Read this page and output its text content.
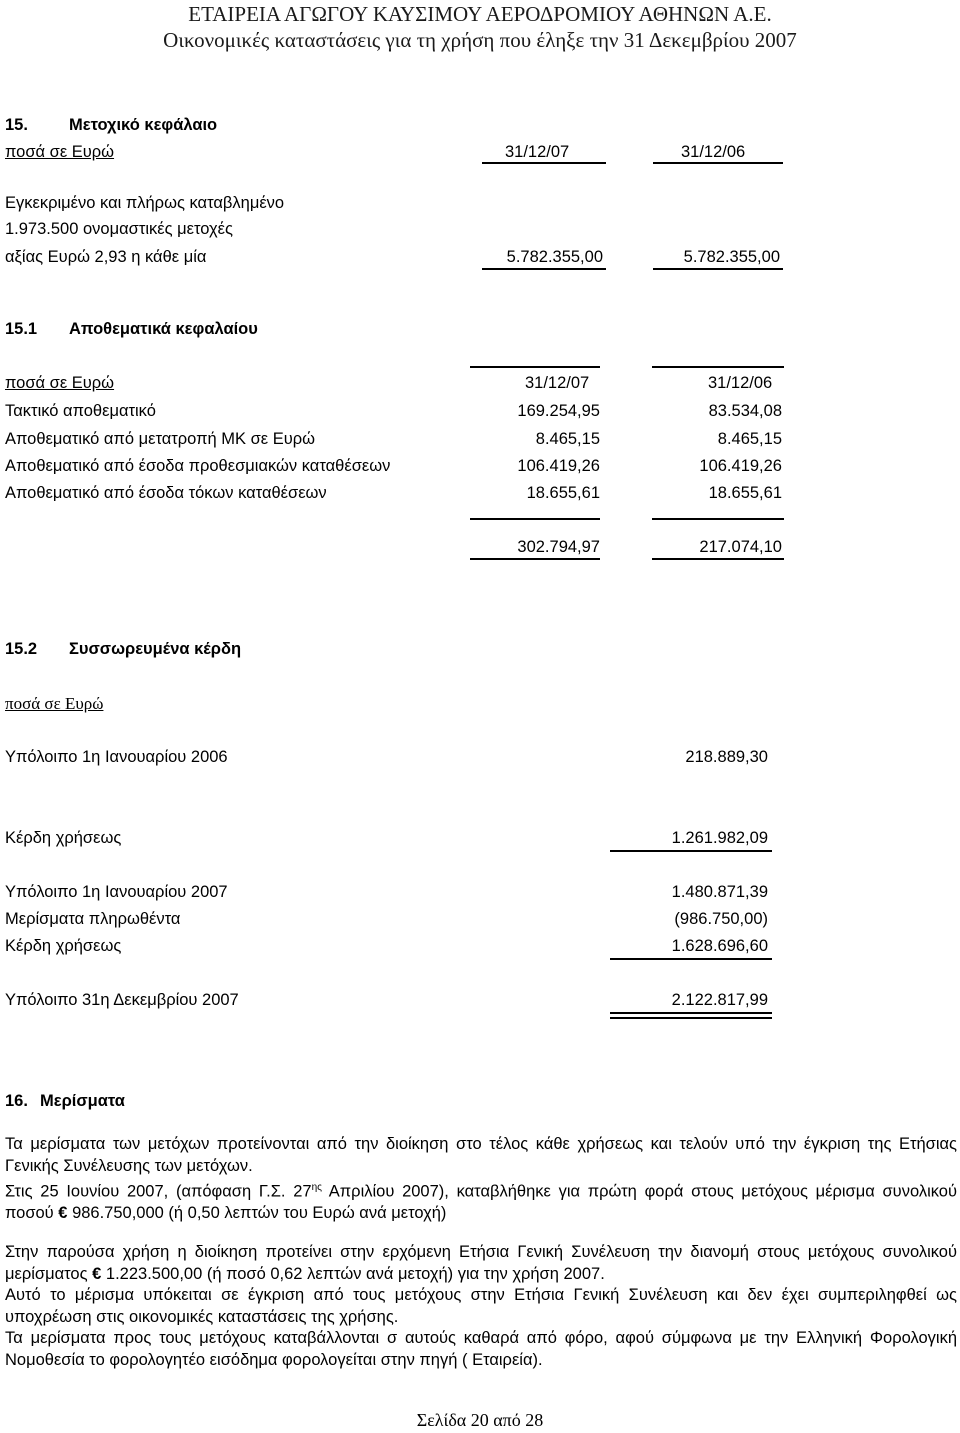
ΕΤΑΙΡΕΙΑ ΑΓΩΓΟΥ ΚΑΥΣΙΜΟΥ ΑΕΡΟΔΡΟΜΙΟΥ ΑΘΗΝΩΝ Α.Ε.
Οικονομικές καταστάσεις για τη χρήση που έληξε την 31 Δεκεμβρίου 2007
15. Μετοχικό κεφάλαιο
ποσά σε Ευρώ	31/12/07	31/12/06
Εγκεκριμένο και πλήρως καταβλημένο
1.973.500 ονομαστικές μετοχές
αξίας Ευρώ 2,93 η κάθε μία	5.782.355,00	5.782.355,00
15.1 Αποθεματικά κεφαλαίου
ποσά σε Ευρώ	31/12/07	31/12/06
Τακτικό αποθεματικό	169.254,95	83.534,08
Αποθεματικό από μετατροπή ΜΚ σε Ευρώ	8.465,15	8.465,15
Αποθεματικό από έσοδα προθεσμιακών καταθέσεων	106.419,26	106.419,26
Αποθεματικό από έσοδα τόκων καταθέσεων	18.655,61	18.655,61
302.794,97	217.074,10
15.2 Συσσωρευμένα κέρδη
ποσά σε Ευρώ
Υπόλοιπο 1η Ιανουαρίου 2006	218.889,30
Κέρδη χρήσεως	1.261.982,09
Υπόλοιπο 1η Ιανουαρίου 2007	1.480.871,39
Μερίσματα πληρωθέντα	(986.750,00)
Κέρδη χρήσεως	1.628.696,60
Υπόλοιπο 31η Δεκεμβρίου 2007	2.122.817,99
16. Μερίσματα
Τα μερίσματα των μετόχων προτείνονται από την διοίκηση στο τέλος κάθε χρήσεως και τελούν υπό την έγκριση της Ετήσιας Γενικής Συνέλευσης των μετόχων.
Στις 25 Ιουνίου 2007, (απόφαση Γ.Σ. $27^{\eta\varsigma}$ Απριλίου 2007), καταβλήθηκε για πρώτη φορά στους μετόχους μέρισμα συνολικού ποσού € 986.750,000 (ή 0,50 λεπτών του Ευρώ ανά μετοχή)
Στην παρούσα χρήση η διοίκηση προτείνει στην ερχόμενη Ετήσια Γενική Συνέλευση την διανομή στους μετόχους συνολικού μερίσματος € 1.223.500,00 (ή ποσό 0,62 λεπτών ανά μετοχή) για την χρήση 2007.
Αυτό το μέρισμα υπόκειται σε έγκριση από τους μετόχους στην Ετήσια Γενική Συνέλευση και δεν έχει συμπεριληφθεί ως υποχρέωση στις οικονομικές καταστάσεις της χρήσης.
Τα μερίσματα προς τους μετόχους καταβάλλονται σ αυτούς καθαρά από φόρο, αφού σύμφωνα με την Ελληνική Φορολογική Νομοθεσία το φορολογητέο εισόδημα φορολογείται στην πηγή ( Εταιρεία).
Σελίδα 20 από 28
